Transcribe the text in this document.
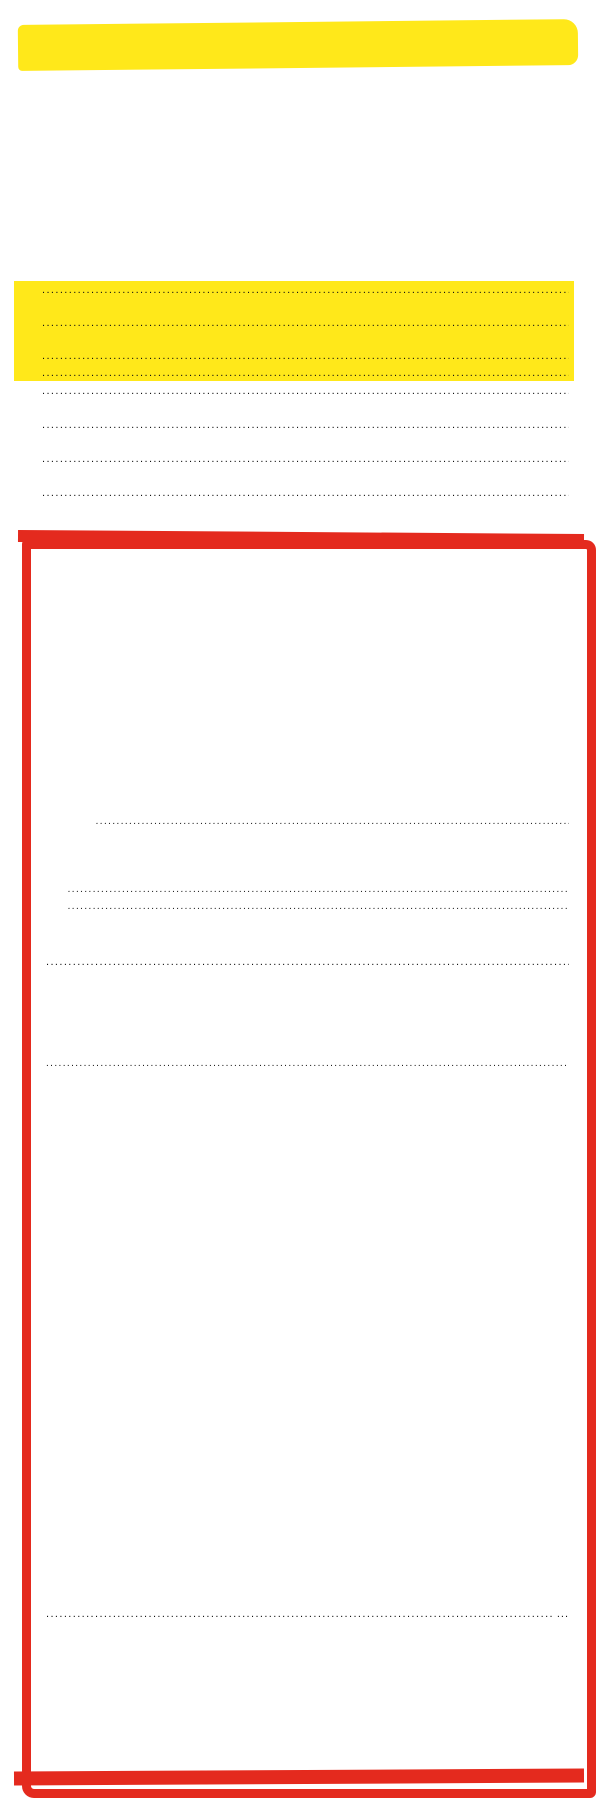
.....
.....
.....
.....
.....
.....
.....
.....
.....
.....
.....
.....
.....
.....
...
